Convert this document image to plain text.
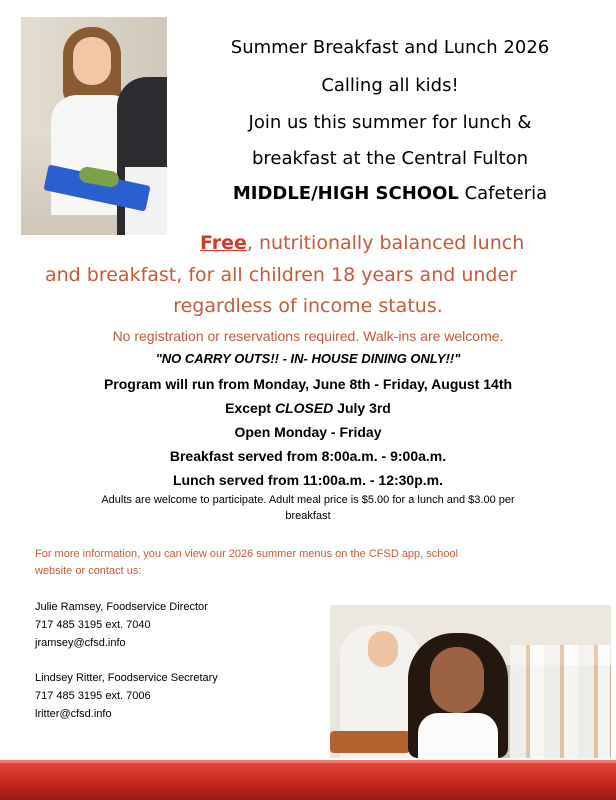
Summer Breakfast and Lunch 2026
Calling all kids!
Join us this summer for lunch &
breakfast at the Central Fulton
MIDDLE/HIGH SCHOOL Cafeteria
Free, nutritionally balanced lunch
and breakfast, for all children 18 years and under
regardless of income status.
No registration or reservations required. Walk-ins are welcome.
"NO CARRY OUTS!! - IN- HOUSE DINING ONLY!!"
Program will run from Monday, June 8th - Friday, August 14th
Except CLOSED July 3rd
Open Monday - Friday
Breakfast served from 8:00a.m. - 9:00a.m.
Lunch served from 11:00a.m. - 12:30p.m.
Adults are welcome to participate. Adult meal price is $5.00 for a lunch and $3.00 per
breakfast
For more information, you can view our 2026 summer menus on the CFSD app, school
website or contact us:
Julie Ramsey, Foodservice Director
717 485 3195 ext. 7040
jramsey@cfsd.info
Lindsey Ritter, Foodservice Secretary
717 485 3195 ext. 7006
lritter@cfsd.info
